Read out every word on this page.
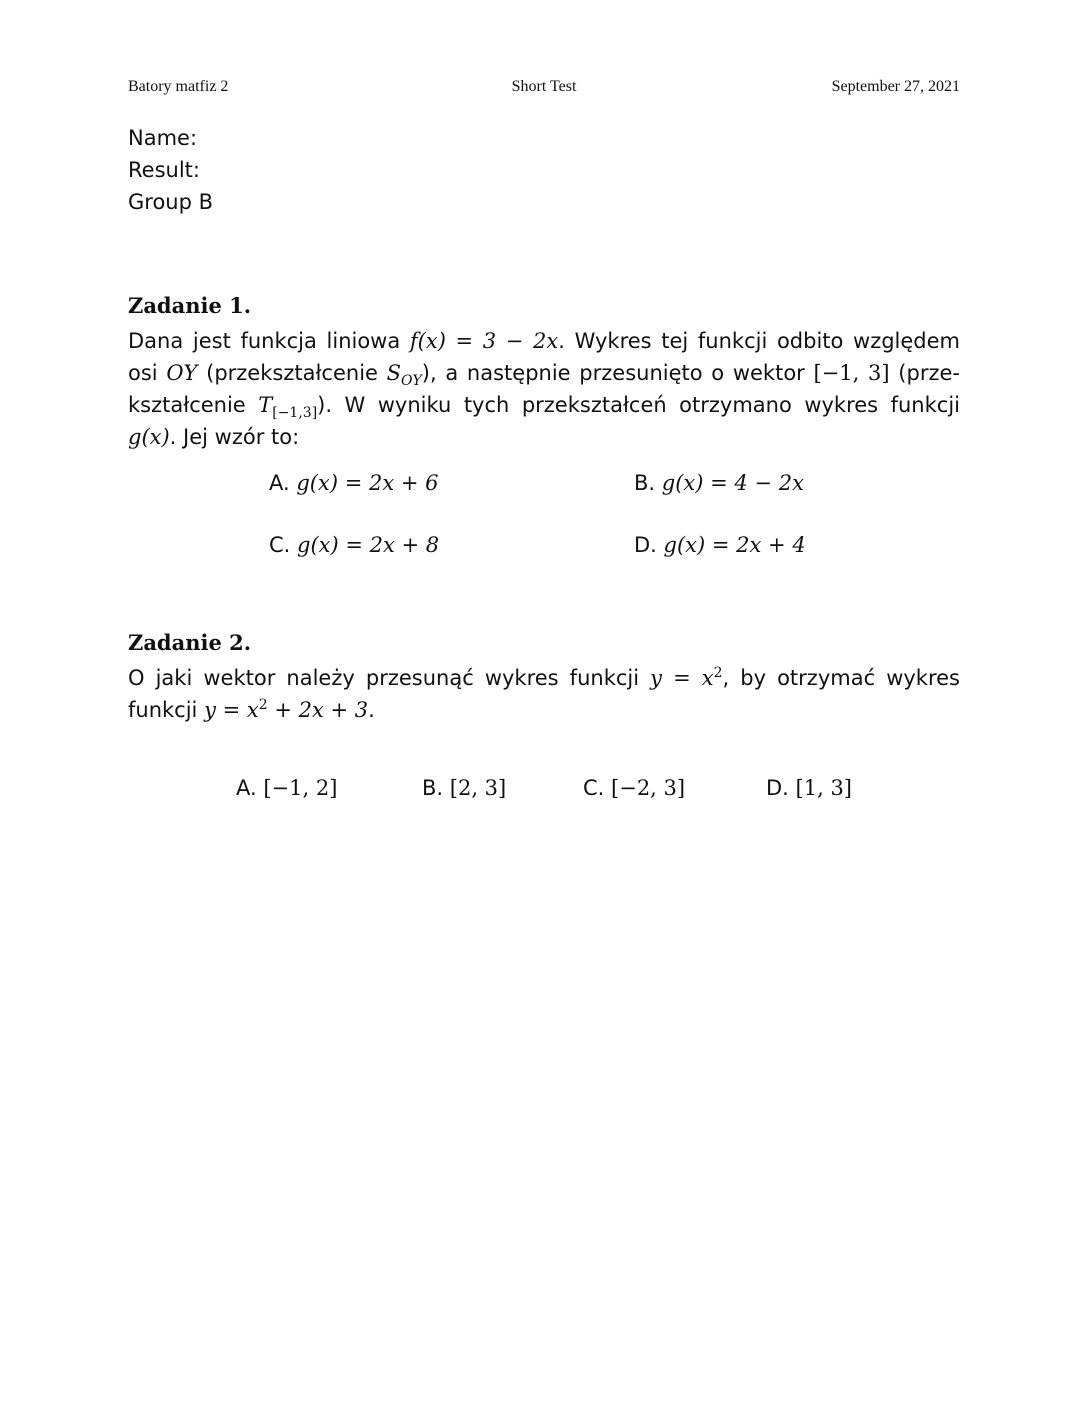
Batory matfiz 2	Short Test	September 27, 2021
Name:
Result:
Group B
Zadanie 1.
Dana jest funkcja liniowa f(x) = 3 − 2x. Wykres tej funkcji odbito względem
osi OY (przekształcenie $S_{OY}$), a następnie przesunięto o wektor [−1, 3] (prze-
kształcenie $T_{[-1,3]}$). W wyniku tych przekształceń otrzymano wykres funkcji
g(x). Jej wzór to:
A. g(x) = 2x + 6	B. g(x) = 4 − 2x
C. g(x) = 2x + 8	D. g(x) = 2x + 4
Zadanie 2.
O jaki wektor należy przesunąć wykres funkcji $y = x^2$, by otrzymać wykres
funkcji $y = x^2 + 2x + 3$.
A. [−1, 2]	B. [2, 3]	C. [−2, 3]	D. [1, 3]
